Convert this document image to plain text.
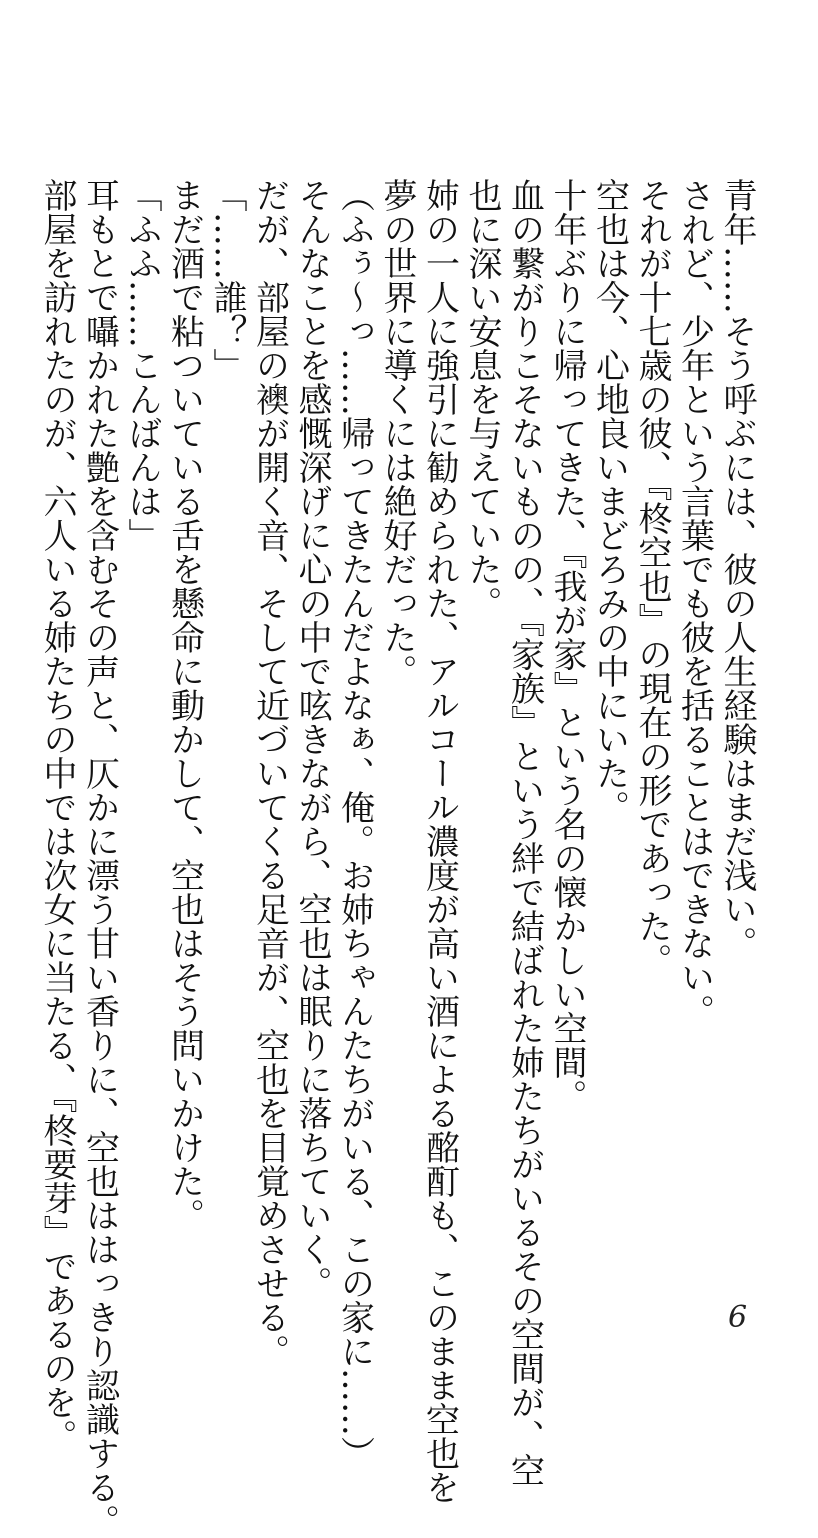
青年……そう呼ぶには、彼の人生経験はまだ浅い。
されど、少年という言葉でも彼を括ることはできない。
それが十七歳の彼、『柊空也』の現在の形であった。
空也は今、心地良いまどろみの中にいた。
十年ぶりに帰ってきた、『我が家』という名の懐かしい空間。
血の繋がりこそないものの、『家族』という絆で結ばれた姉たちがいるその空間が、空
也に深い安息を与えていた。
姉の一人に強引に勧められた、アルコール濃度が高い酒による酩酊も、このまま空也を
夢の世界に導くには絶好だった。
（ふぅ～っ……帰ってきたんだよなぁ、俺。お姉ちゃんたちがいる、この家に……）
そんなことを感慨深げに心の中で呟きながら、空也は眠りに落ちていく。
だが、部屋の襖が開く音、そして近づいてくる足音が、空也を目覚めさせる。
「……誰？」
まだ酒で粘ついている舌を懸命に動かして、空也はそう問いかけた。
「ふふ……こんばんは」
耳もとで囁かれた艶を含むその声と、仄かに漂う甘い香りに、空也ははっきり認識する。
部屋を訪れたのが、六人いる姉たちの中では次女に当たる、『柊要芽』であるのを。	6
